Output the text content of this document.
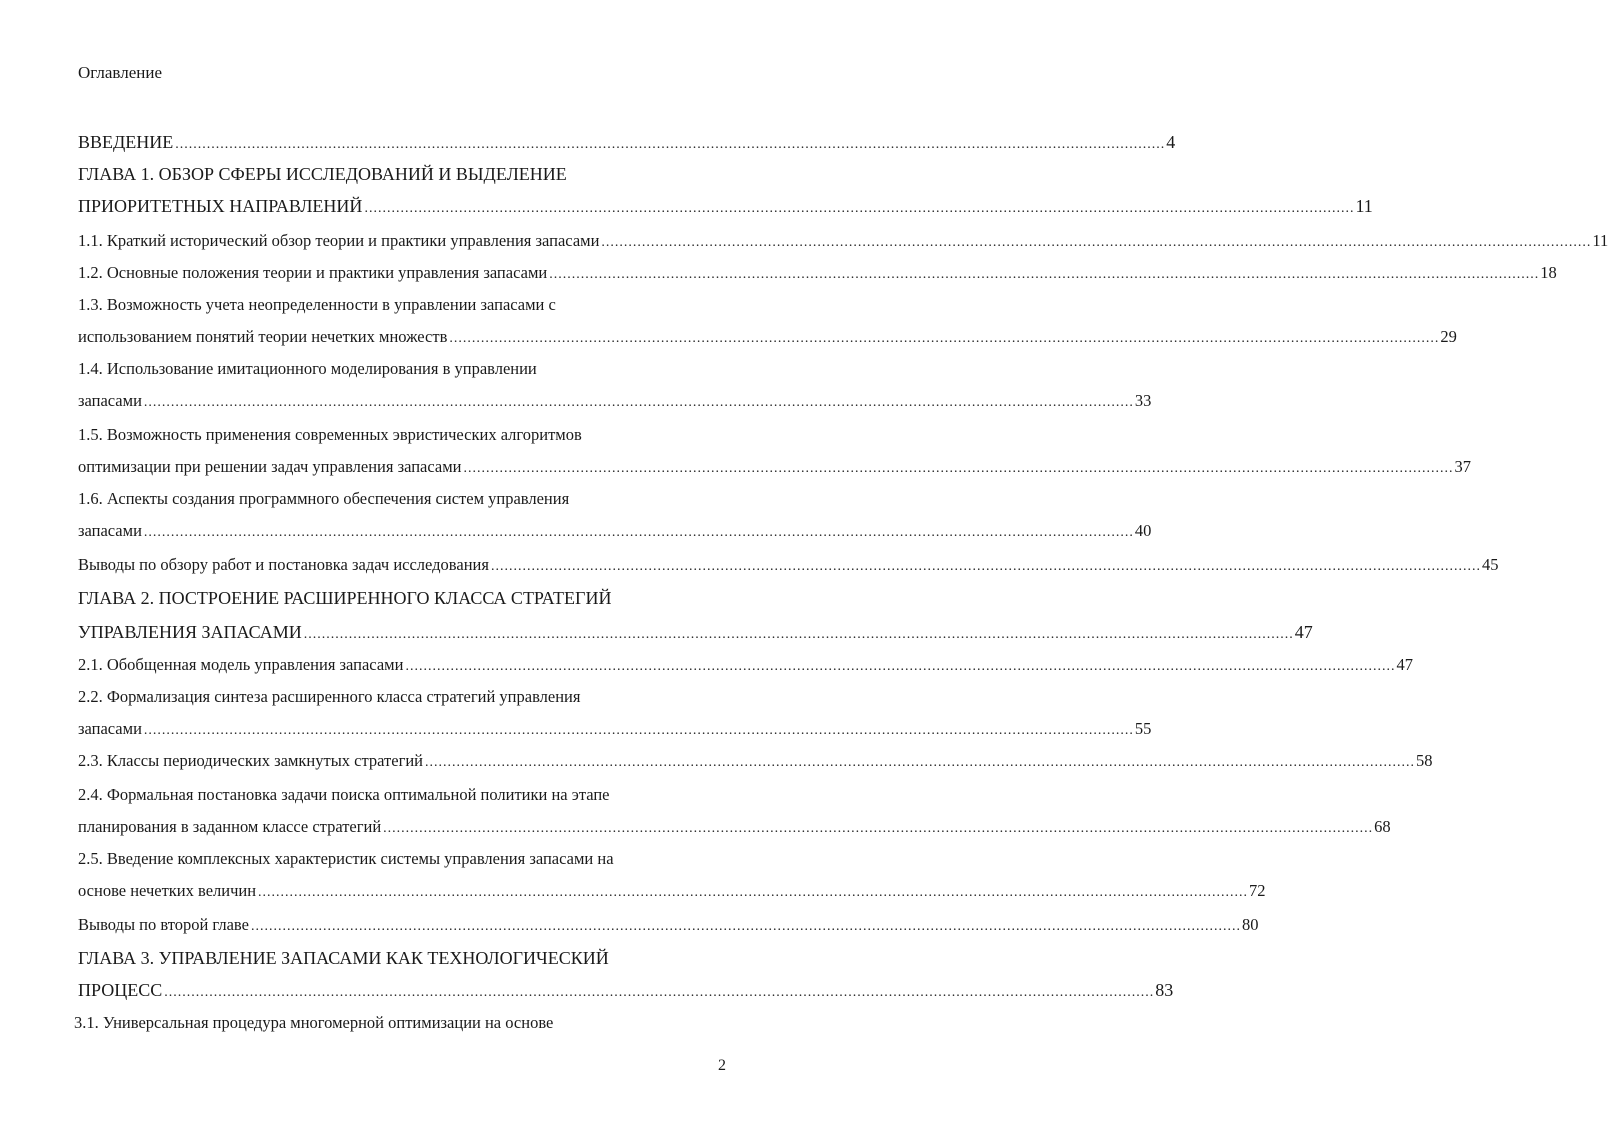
Оглавление
ВВЕДЕНИЕ ............................................................................................................................................................................................................................ 4
ГЛАВА 1. ОБЗОР СФЕРЫ ИССЛЕДОВАНИЙ И ВЫДЕЛЕНИЕ
ПРИОРИТЕТНЫХ НАПРАВЛЕНИЙ ............................................................................................................................................................................................................................ 11
1.1. Краткий исторический обзор теории и практики управления запасами ............................................................................................................................................................................................................................ 11
1.2. Основные положения теории и практики управления запасами ............................................................................................................................................................................................................................ 18
1.3. Возможность учета неопределенности в управлении запасами с
использованием понятий теории нечетких множеств ............................................................................................................................................................................................................................ 29
1.4. Использование имитационного моделирования в управлении
запасами ............................................................................................................................................................................................................................ 33
1.5. Возможность применения современных эвристических алгоритмов
оптимизации при решении задач управления запасами ............................................................................................................................................................................................................................ 37
1.6. Аспекты создания программного обеспечения систем управления
запасами ............................................................................................................................................................................................................................ 40
Выводы по обзору работ и постановка задач исследования ............................................................................................................................................................................................................................ 45
ГЛАВА 2. ПОСТРОЕНИЕ РАСШИРЕННОГО КЛАССА СТРАТЕГИЙ
УПРАВЛЕНИЯ ЗАПАСАМИ ............................................................................................................................................................................................................................ 47
2.1. Обобщенная модель управления запасами ............................................................................................................................................................................................................................ 47
2.2. Формализация синтеза расширенного класса стратегий управления
запасами ............................................................................................................................................................................................................................ 55
2.3. Классы периодических замкнутых стратегий ............................................................................................................................................................................................................................ 58
2.4. Формальная постановка задачи поиска оптимальной политики на этапе
планирования в заданном классе стратегий ............................................................................................................................................................................................................................ 68
2.5. Введение комплексных характеристик системы управления запасами на
основе нечетких величин ............................................................................................................................................................................................................................ 72
Выводы по второй главе ............................................................................................................................................................................................................................ 80
ГЛАВА 3. УПРАВЛЕНИЕ ЗАПАСАМИ КАК ТЕХНОЛОГИЧЕСКИЙ
ПРОЦЕСС ............................................................................................................................................................................................................................ 83
3.1. Универсальная процедура многомерной оптимизации на основе
2
